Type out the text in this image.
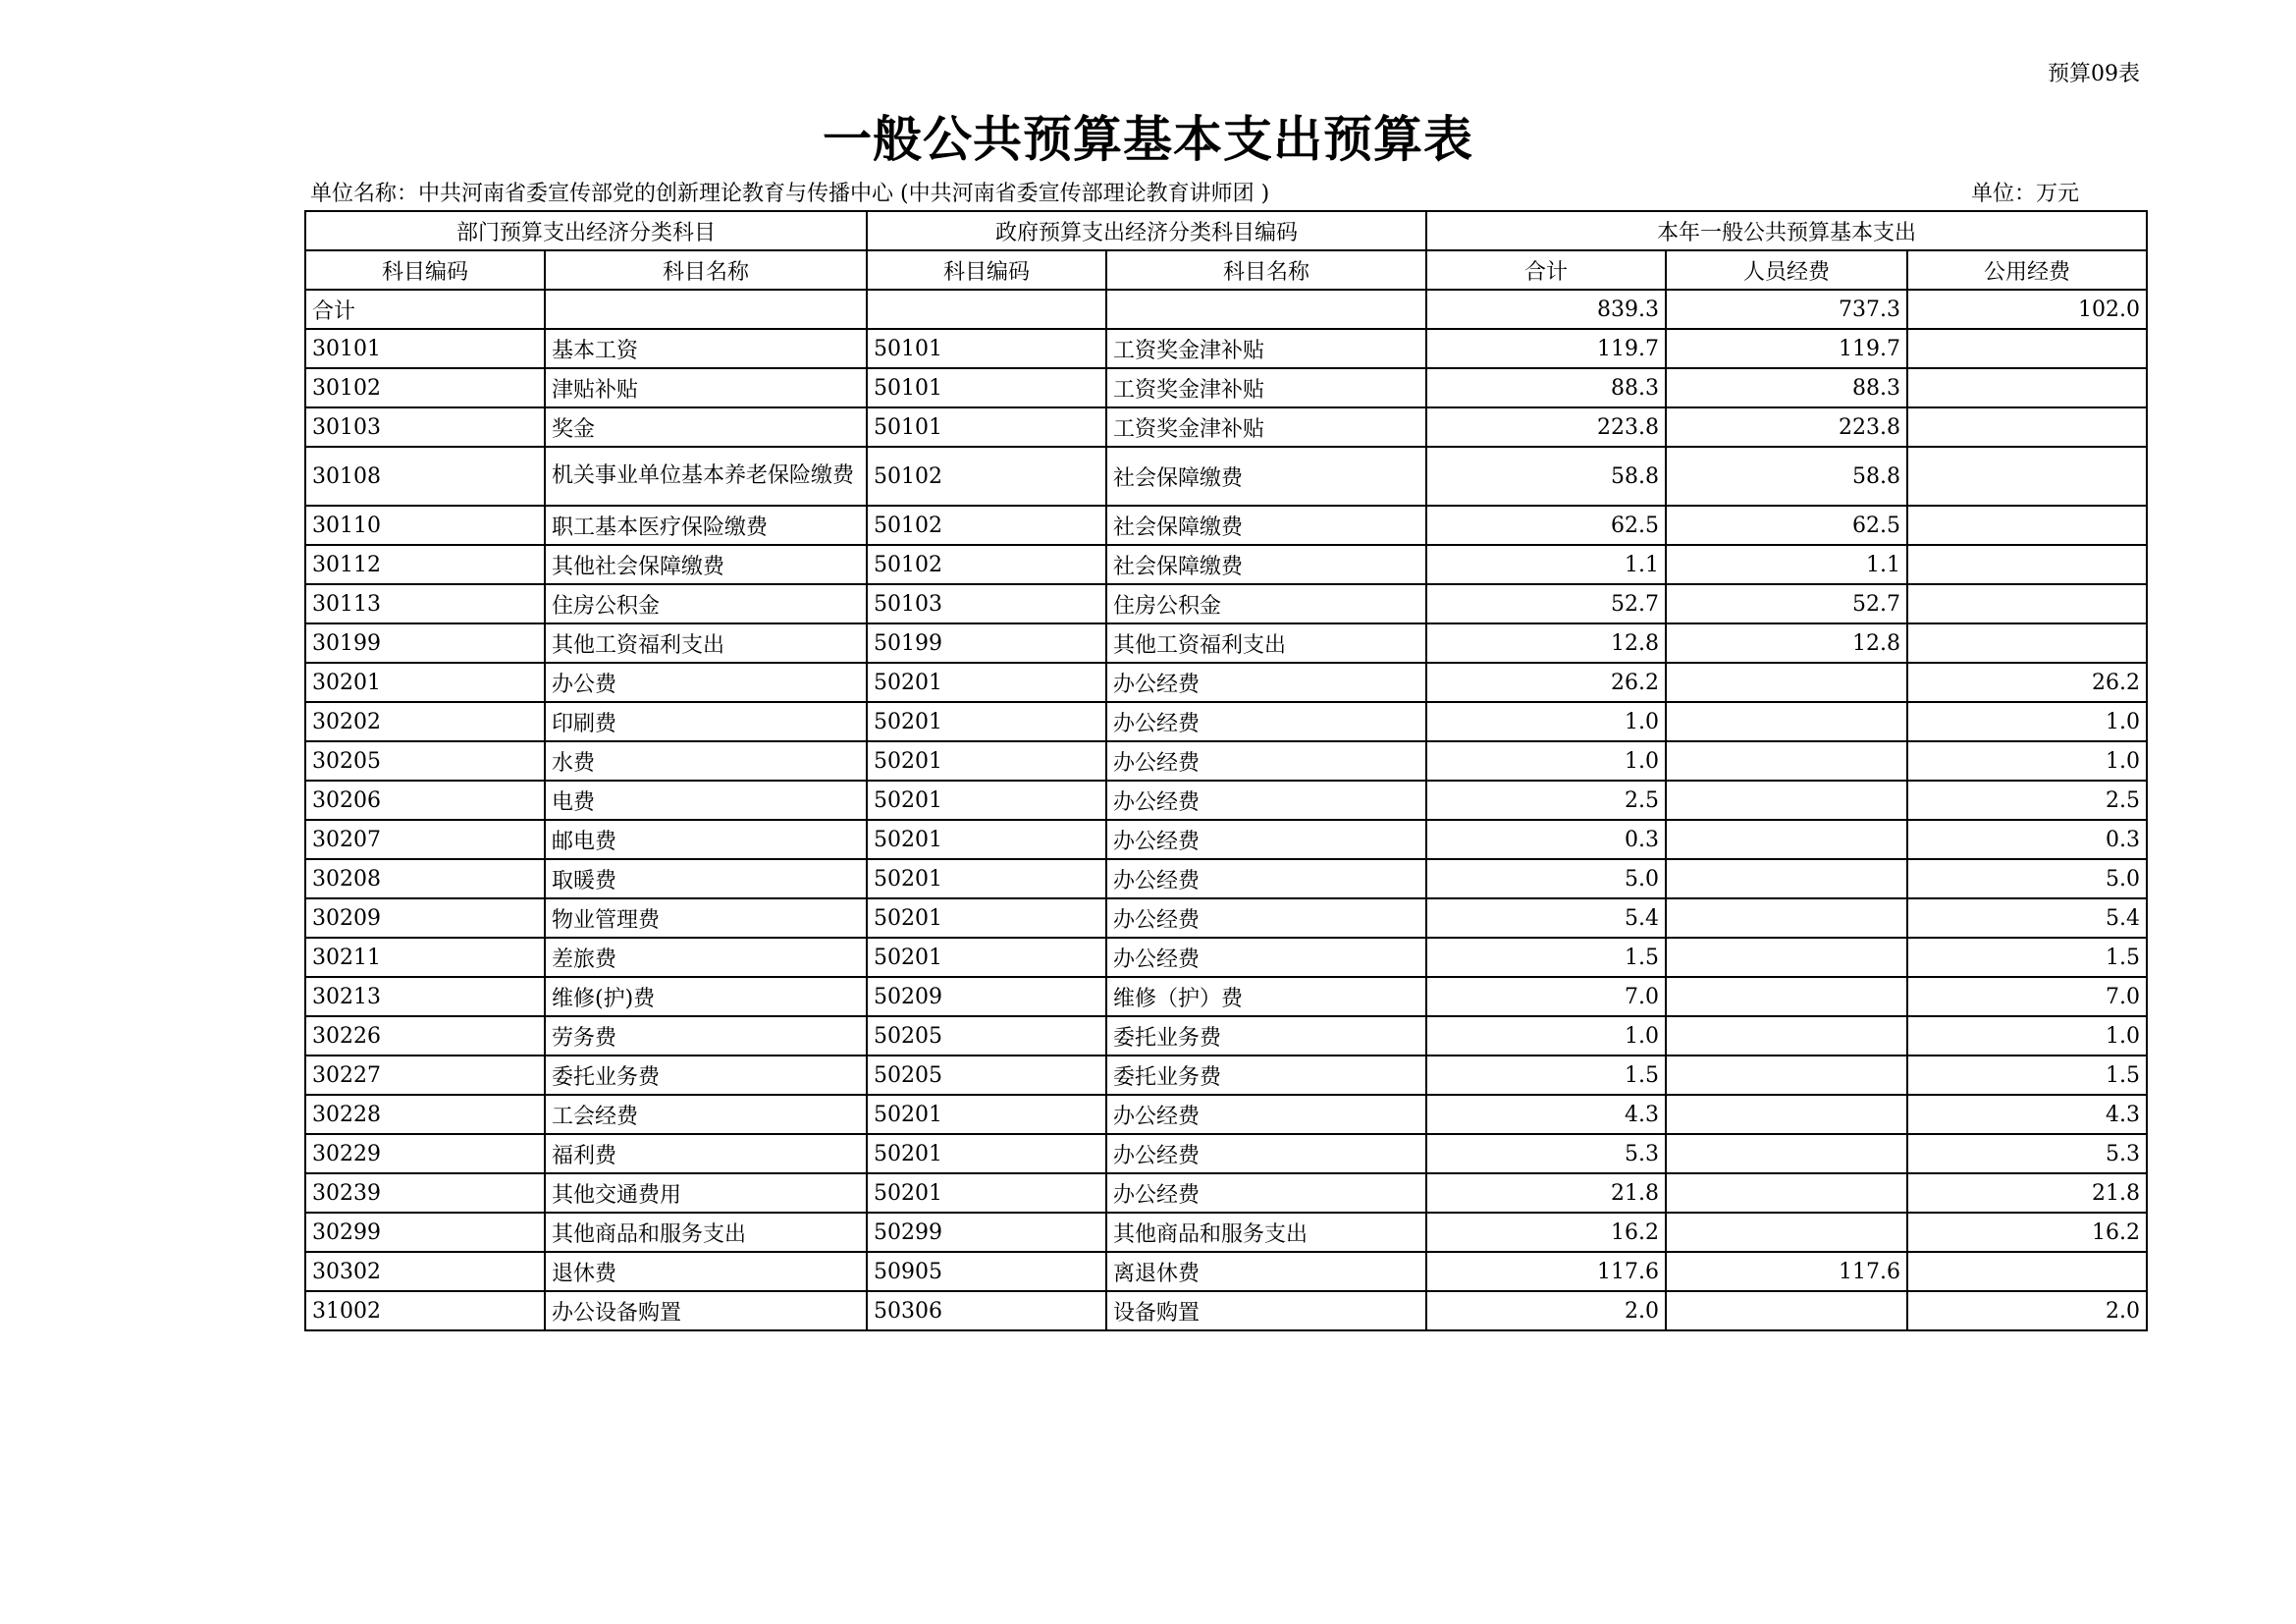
预算09表
一般公共预算基本支出预算表
单位名称：中共河南省委宣传部党的创新理论教育与传播中心 (中共河南省委宣传部理论教育讲师团 )	单位：万元
部门预算支出经济分类科目		政府预算支出经济分类科目编码		本年一般公共预算基本支出		
科目编码	科目名称	科目编码	科目名称	合计	人员经费	公用经费
合计				839.3	737.3	102.0
30101	基本工资	50101	工资奖金津补贴	119.7	119.7	
30102	津贴补贴	50101	工资奖金津补贴	88.3	88.3	
30103	奖金	50101	工资奖金津补贴	223.8	223.8	
30108	机关事业单位基本养老保险缴费	50102	社会保障缴费	58.8	58.8	
30110	职工基本医疗保险缴费	50102	社会保障缴费	62.5	62.5	
30112	其他社会保障缴费	50102	社会保障缴费	1.1	1.1	
30113	住房公积金	50103	住房公积金	52.7	52.7	
30199	其他工资福利支出	50199	其他工资福利支出	12.8	12.8	
30201	办公费	50201	办公经费	26.2		26.2
30202	印刷费	50201	办公经费	1.0		1.0
30205	水费	50201	办公经费	1.0		1.0
30206	电费	50201	办公经费	2.5		2.5
30207	邮电费	50201	办公经费	0.3		0.3
30208	取暖费	50201	办公经费	5.0		5.0
30209	物业管理费	50201	办公经费	5.4		5.4
30211	差旅费	50201	办公经费	1.5		1.5
30213	维修(护)费	50209	维修（护）费	7.0		7.0
30226	劳务费	50205	委托业务费	1.0		1.0
30227	委托业务费	50205	委托业务费	1.5		1.5
30228	工会经费	50201	办公经费	4.3		4.3
30229	福利费	50201	办公经费	5.3		5.3
30239	其他交通费用	50201	办公经费	21.8		21.8
30299	其他商品和服务支出	50299	其他商品和服务支出	16.2		16.2
30302	退休费	50905	离退休费	117.6	117.6	
31002	办公设备购置	50306	设备购置	2.0		2.0
